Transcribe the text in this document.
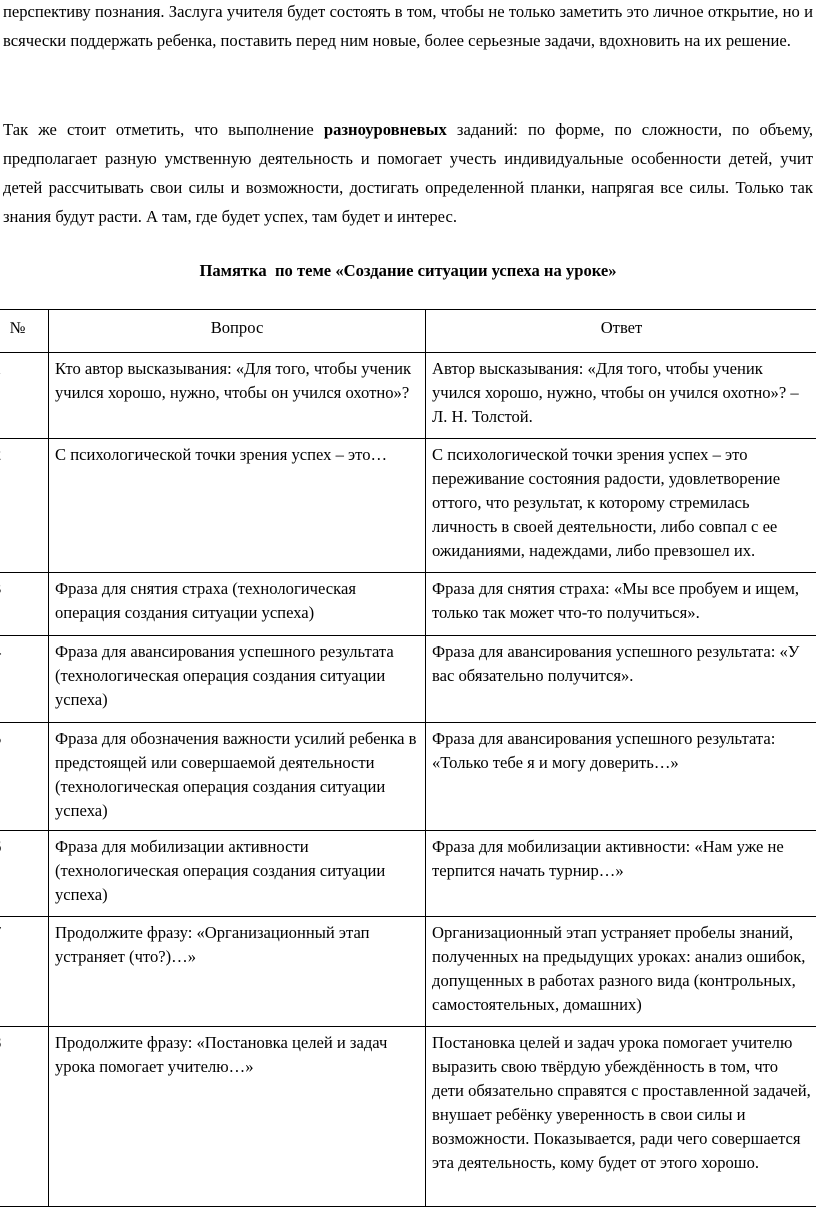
перспективу познания. Заслуга учителя будет состоять в том, чтобы не только заметить это личное открытие, но и всячески поддержать ребенка, поставить перед ним новые, более серьезные задачи, вдохновить на их решение.

Так же стоит отметить, что выполнение разноуровневых заданий: по форме, по сложности, по объему, предполагает разную умственную деятельность и помогает учесть индивидуальные особенности детей, учит детей рассчитывать свои силы и возможности, достигать определенной планки, напрягая все силы. Только так знания будут расти. А там, где будет успех, там будет и интерес.

Памятка  по теме «Создание ситуации успеха на уроке»
№	Вопрос	Ответ
	Кто автор высказывания: «Для того, чтобы ученик учился хорошо, нужно, чтобы он учился охотно»?	Автор высказывания: «Для того, чтобы ученик учился хорошо, нужно, чтобы он учился охотно»? – Л. Н. Толстой.
	С психологической точки зрения успех – это…	С психологической точки зрения успех – это переживание состояния радости, удовлетворение оттого, что результат, к которому стремилась личность в своей деятельности, либо совпал с ее ожиданиями, надеждами, либо превзошел их.
	Фраза для снятия страха (технологическая операция создания ситуации успеха)	Фраза для снятия страха: «Мы все пробуем и ищем, только так может что-то получиться».
	Фраза для авансирования успешного результата (технологическая операция создания ситуации успеха)	Фраза для авансирования успешного результата: «У вас обязательно получится».
	Фраза для обозначения важности усилий ребенка в предстоящей или совершаемой деятельности (технологическая операция создания ситуации успеха)	Фраза для авансирования успешного результата: «Только тебе я и могу доверить…»
	Фраза для мобилизации активности (технологическая операция создания ситуации успеха)	Фраза для мобилизации активности: «Нам уже не терпится начать турнир…»
	Продолжите фразу: «Организационный этап устраняет (что?)…»	Организационный этап устраняет пробелы знаний, полученных на предыдущих уроках: анализ ошибок, допущенных в работах разного вида (контрольных, самостоятельных, домашних)
	Продолжите фразу: «Постановка целей и задач урока помогает учителю…»	Постановка целей и задач урока помогает учителю выразить свою твёрдую убеждённость в том, что дети обязательно справятся с проставленной задачей, внушает ребёнку уверенность в свои силы и возможности. Показывается, ради чего совершается эта деятельность, кому будет от этого хорошо.
